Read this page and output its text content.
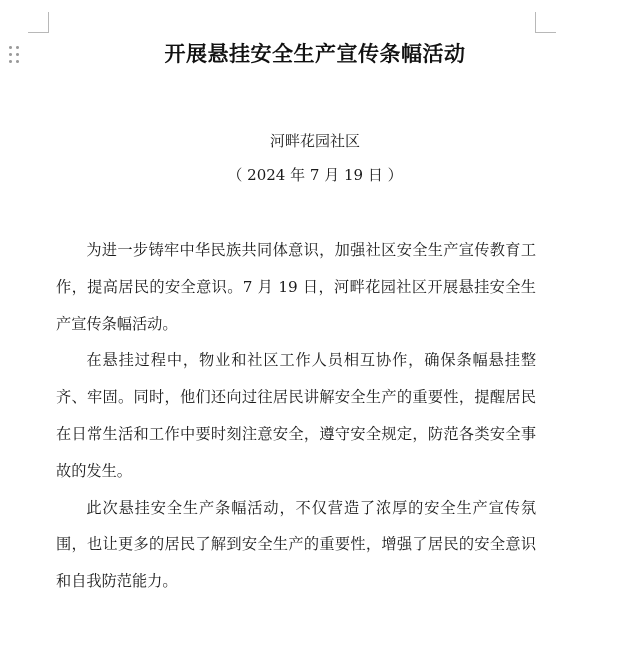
开展悬挂安全生产宣传条幅活动
河畔花园社区
（ 2024 年 7 月 19 日 ）

为进一步铸牢中华民族共同体意识，加强社区安全生产宣传教育工作，提高居民的安全意识。7 月 19 日，河畔花园社区开展悬挂安全生产宣传条幅活动。

在悬挂过程中，物业和社区工作人员相互协作，确保条幅悬挂整齐、牢固。同时，他们还向过往居民讲解安全生产的重要性，提醒居民在日常生活和工作中要时刻注意安全，遵守安全规定，防范各类安全事故的发生。

此次悬挂安全生产条幅活动，不仅营造了浓厚的安全生产宣传氛围，也让更多的居民了解到安全生产的重要性，增强了居民的安全意识和自我防范能力。
